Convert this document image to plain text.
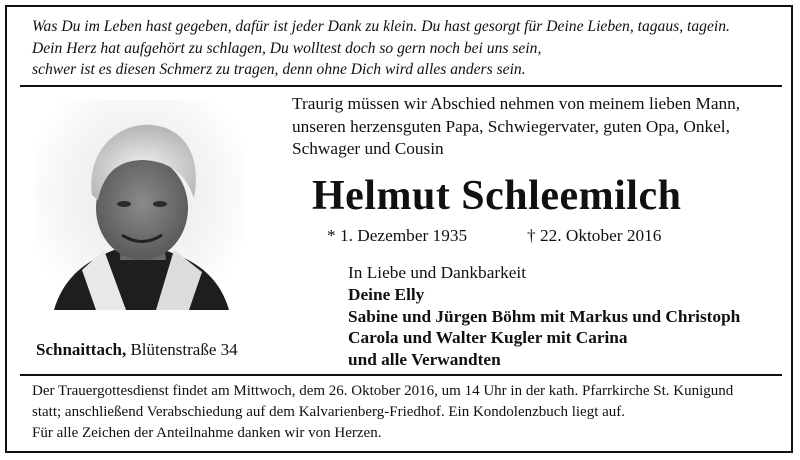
Was Du im Leben hast gegeben, dafür ist jeder Dank zu klein. Du hast gesorgt für Deine Lieben, tagaus, tagein.
Dein Herz hat aufgehört zu schlagen, Du wolltest doch so gern noch bei uns sein,
schwer ist es diesen Schmerz zu tragen, denn ohne Dich wird alles anders sein.
Schnaittach, Blütenstraße 34
Traurig müssen wir Abschied nehmen von meinem lieben Mann,
unseren herzensguten Papa, Schwiegervater, guten Opa, Onkel,
Schwager und Cousin
Helmut Schleemilch
* 1. Dezember 1935	† 22. Oktober 2016
In Liebe und Dankbarkeit
Deine Elly
Sabine und Jürgen Böhm mit Markus und Christoph
Carola und Walter Kugler mit Carina
und alle Verwandten
Der Trauergottesdienst findet am Mittwoch, dem 26. Oktober 2016, um 14 Uhr in der kath. Pfarrkirche St. Kunigund
statt; anschließend Verabschiedung auf dem Kalvarienberg-Friedhof. Ein Kondolenzbuch liegt auf.
Für alle Zeichen der Anteilnahme danken wir von Herzen.
